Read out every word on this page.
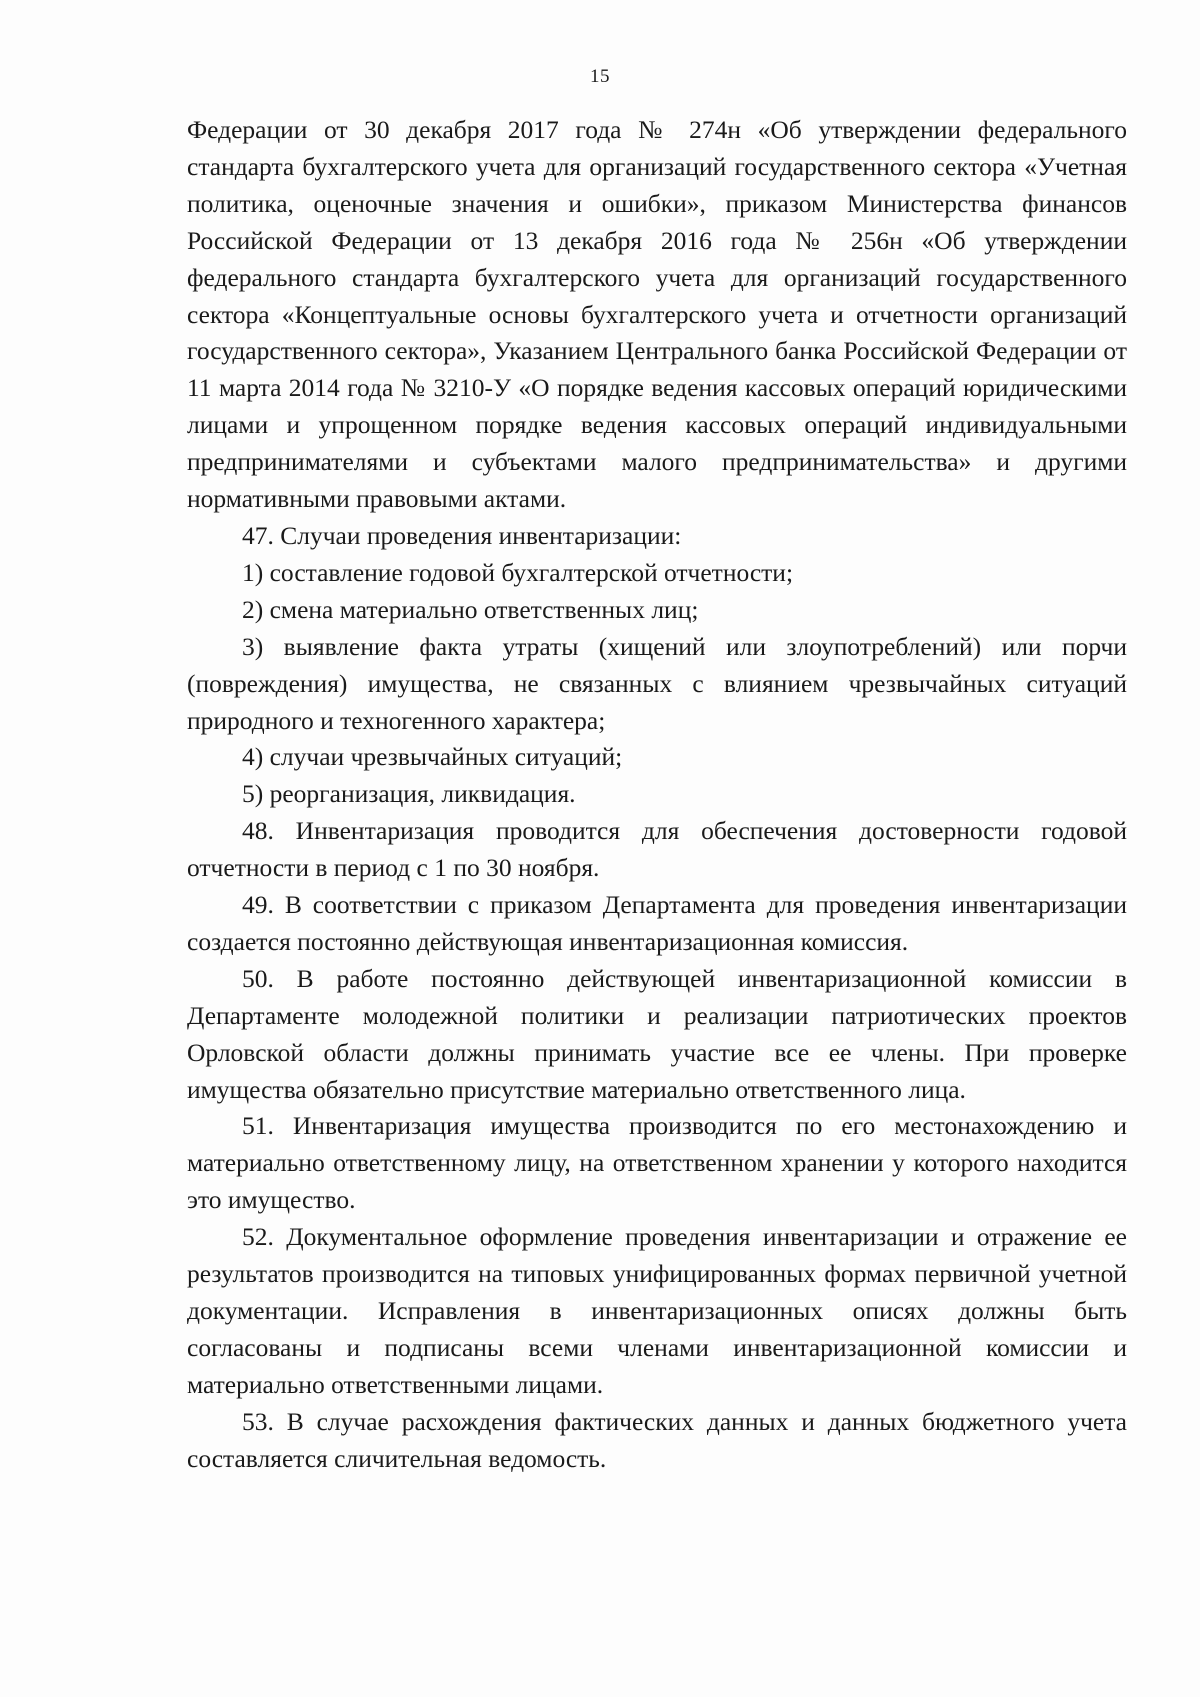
15

Федерации от 30 декабря 2017 года № 274н «Об утверждении федерального стандарта бухгалтерского учета для организаций государственного сектора «Учетная политика, оценочные значения и ошибки», приказом Министерства финансов Российской Федерации от 13 декабря 2016 года № 256н «Об утверждении федерального стандарта бухгалтерского учета для организаций государственного сектора «Концептуальные основы бухгалтерского учета и отчетности организаций государственного сектора», Указанием Центрального банка Российской Федерации от 11 марта 2014 года № 3210-У «О порядке ведения кассовых операций юридическими лицами и упрощенном порядке ведения кассовых операций индивидуальными предпринимателями и субъектами малого предпринимательства» и другими нормативными правовыми актами.

47. Случаи проведения инвентаризации:

1) составление годовой бухгалтерской отчетности;

2) смена материально ответственных лиц;

3) выявление факта утраты (хищений или злоупотреблений) или порчи (повреждения) имущества, не связанных с влиянием чрезвычайных ситуаций природного и техногенного характера;

4) случаи чрезвычайных ситуаций;

5) реорганизация, ликвидация.

48. Инвентаризация проводится для обеспечения достоверности годовой отчетности в период с 1 по 30 ноября.

49. В соответствии с приказом Департамента для проведения инвентаризации создается постоянно действующая инвентаризационная комиссия.

50. В работе постоянно действующей инвентаризационной комиссии в Департаменте молодежной политики и реализации патриотических проектов Орловской области должны принимать участие все ее члены. При проверке имущества обязательно присутствие материально ответственного лица.

51. Инвентаризация имущества производится по его местонахождению и материально ответственному лицу, на ответственном хранении у которого находится это имущество.

52. Документальное оформление проведения инвентаризации и отражение ее результатов производится на типовых унифицированных формах первичной учетной документации. Исправления в инвентаризационных описях должны быть согласованы и подписаны всеми членами инвентаризационной комиссии и материально ответственными лицами.

53. В случае расхождения фактических данных и данных бюджетного учета составляется сличительная ведомость.
